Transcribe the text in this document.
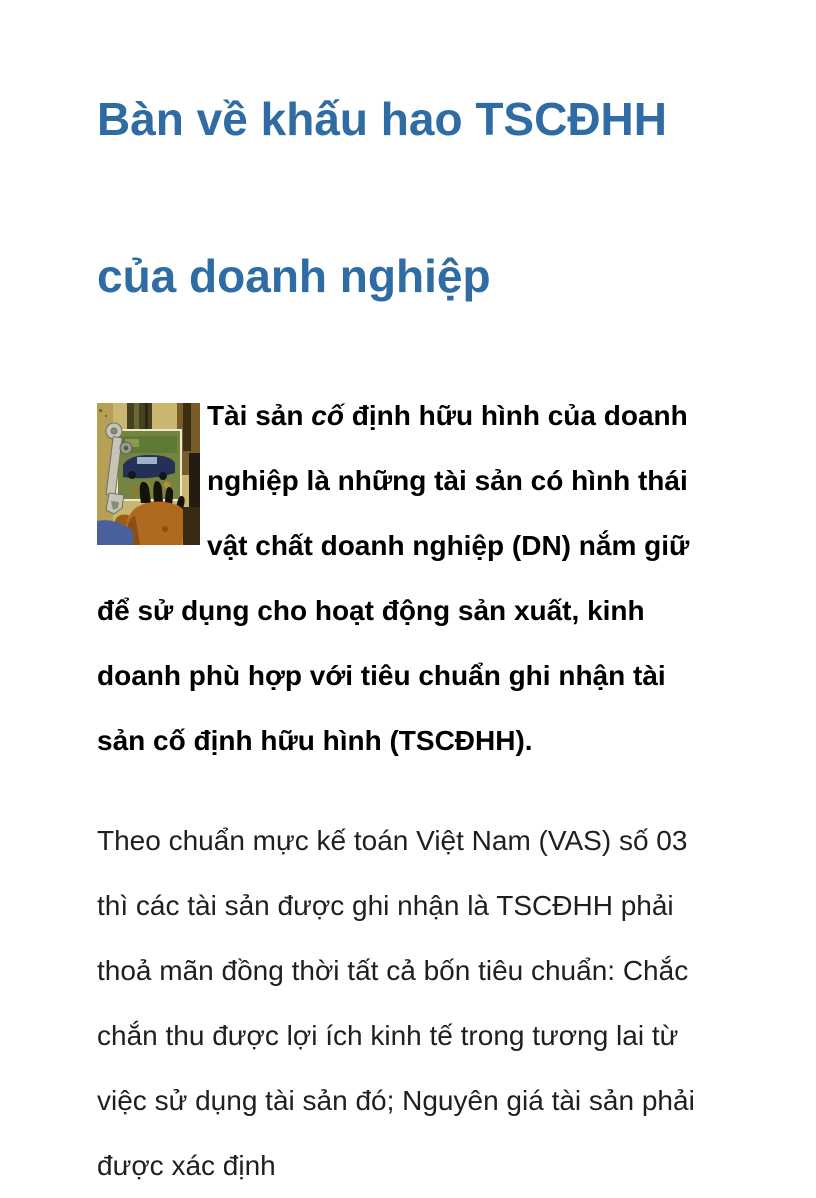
Bàn về khấu hao TSCĐHH
của doanh nghiệp

Tài sản cố định hữu hình của doanh nghiệp là những tài sản có hình thái vật chất doanh nghiệp (DN) nắm giữ để sử dụng cho hoạt động sản xuất, kinh doanh phù hợp với tiêu chuẩn ghi nhận tài sản cố định hữu hình (TSCĐHH).

Theo chuẩn mực kế toán Việt Nam (VAS) số 03 thì các tài sản được ghi nhận là TSCĐHH phải thoả mãn đồng thời tất cả bốn tiêu chuẩn: Chắc chắn thu được lợi ích kinh tế trong tương lai từ việc sử dụng tài sản đó; Nguyên giá tài sản phải được xác định
